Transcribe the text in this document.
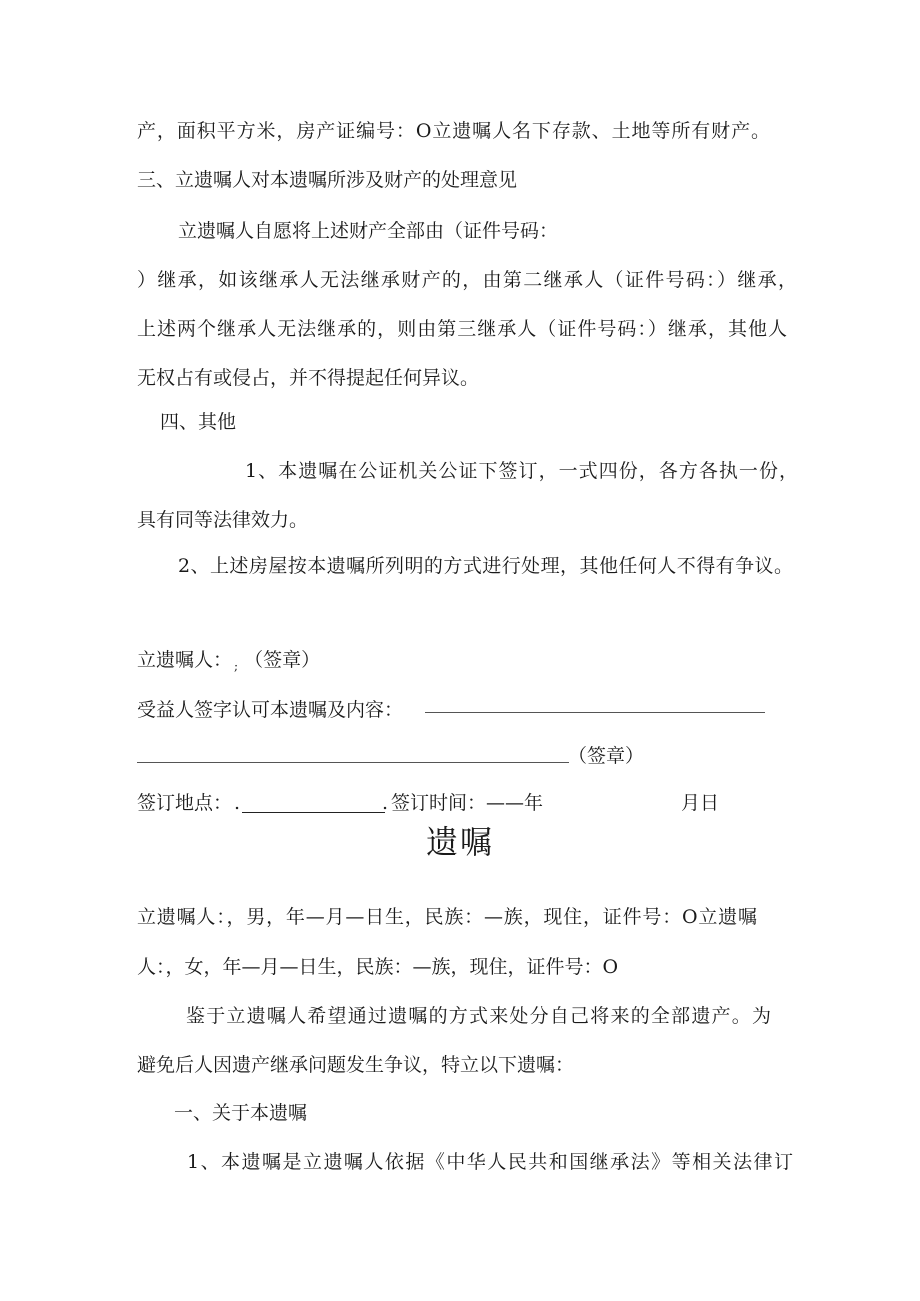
产，面积平方米，房产证编号：O立遗嘱人名下存款、土地等所有财产。
三、立遗嘱人对本遗嘱所涉及财产的处理意见
立遗嘱人自愿将上述财产全部由（证件号码：
）继承，如该继承人无法继承财产的，由第二继承人（证件号码：）继承，
上述两个继承人无法继承的，则由第三继承人（证件号码：）继承，其他人
无权占有或侵占，并不得提起任何异议。
四、其他
1、本遗嘱在公证机关公证下签订，一式四份，各方各执一份，
具有同等法律效力。
2、上述房屋按本遗嘱所列明的方式进行处理，其他任何人不得有争议。
立遗嘱人： ; （签章）
受益人签字认可本遗嘱及内容：
（签章）
签订地点： .	. 签订时间：——年	月日
遗嘱
立遗嘱人：，男，年—月—日生，民族：—族，现住，证件号：O立遗嘱
人：，女，年—月—日生，民族：—族，现住，证件号：O
鉴于立遗嘱人希望通过遗嘱的方式来处分自己将来的全部遗产。为
避免后人因遗产继承问题发生争议，特立以下遗嘱：
一、关于本遗嘱
1、本遗嘱是立遗嘱人依据《中华人民共和国继承法》等相关法律订
